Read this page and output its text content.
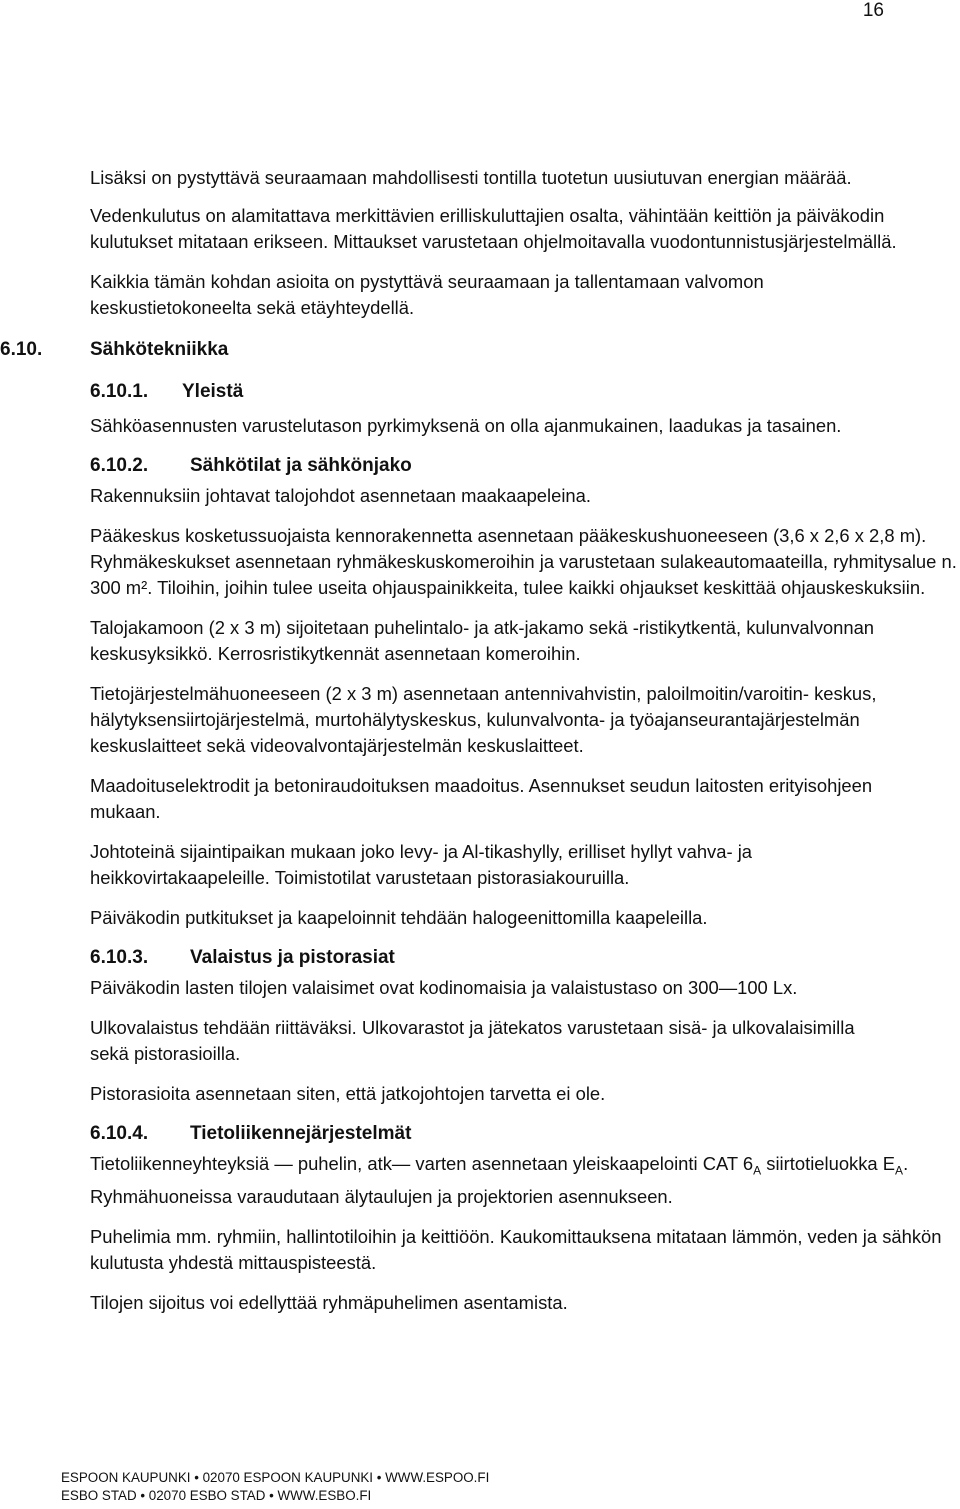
16

Lisäksi on pystyttävä seuraamaan mahdollisesti tontilla tuotetun uusiutuvan energian määrää.

Vedenkulutus on alamitattava merkittävien erilliskuluttajien osalta, vähintään keittiön ja päiväkodin kulutukset mitataan erikseen. Mittaukset varustetaan ohjelmoitavalla vuodontunnistusjärjestelmällä.

Kaikkia tämän kohdan asioita on pystyttävä seuraamaan ja tallentamaan valvomon keskustietokoneelta sekä etäyhteydellä.

6.10.	Sähkötekniikka
6.10.1. Yleistä

Sähköasennusten varustelutason pyrkimyksenä on olla ajanmukainen, laadukas ja tasainen.

6.10.2. Sähkötilat ja sähkönjako

Rakennuksiin johtavat talojohdot asennetaan maakaapeleina.

Pääkeskus kosketussuojaista kennorakennetta asennetaan pääkeskushuoneeseen (3,6 x 2,6 x 2,8 m). Ryhmäkeskukset asennetaan ryhmäkeskuskomeroihin ja varustetaan sulakeautomaateilla, ryhmitysalue n. 300 m². Tiloihin, joihin tulee useita ohjauspainikkeita, tulee kaikki ohjaukset keskittää ohjauskeskuksiin.

Talojakamoon (2 x 3 m) sijoitetaan puhelintalo- ja atk-jakamo sekä -ristikytkentä, kulunvalvonnan keskusyksikkö. Kerrosristikytkennät asennetaan komeroihin.

Tietojärjestelmähuoneeseen (2 x 3 m) asennetaan antennivahvistin, paloilmoitin/varoitin- keskus, hälytyksensiirtojärjestelmä, murtohälytyskeskus, kulunvalvonta- ja työajanseurantajärjestelmän keskuslaitteet sekä videovalvontajärjestelmän keskuslaitteet.

Maadoituselektrodit ja betoniraudoituksen maadoitus. Asennukset seudun laitosten erityisohjeen mukaan.

Johtoteinä sijaintipaikan mukaan joko levy- ja Al-tikashylly, erilliset hyllyt vahva- ja heikkovirtakaapeleille. Toimistotilat varustetaan pistorasiakouruilla.

Päiväkodin putkitukset ja kaapeloinnit tehdään halogeenittomilla kaapeleilla.

6.10.3. Valaistus ja pistorasiat

Päiväkodin lasten tilojen valaisimet ovat kodinomaisia ja valaistustaso on 300—100 Lx.

Ulkovalaistus tehdään riittäväksi. Ulkovarastot ja jätekatos varustetaan sisä- ja ulkovalaisimilla sekä pistorasioilla.

Pistorasioita asennetaan siten, että jatkojohtojen tarvetta ei ole.

6.10.4. Tietoliikennejärjestelmät

Tietoliikenneyhteyksiä — puhelin, atk— varten asennetaan yleiskaapelointi CAT $6_A$ siirtotieluokka $E_A$. Ryhmähuoneissa varaudutaan älytaulujen ja projektorien asennukseen.

Puhelimia mm. ryhmiin, hallintotiloihin ja keittiöön. Kaukomittauksena mitataan lämmön, veden ja sähkön kulutusta yhdestä mittauspisteestä.

Tilojen sijoitus voi edellyttää ryhmäpuhelimen asentamista.

ESPOON KAUPUNKI • 02070 ESPOON KAUPUNKI • WWW.ESPOO.FI

ESBO STAD • 02070 ESBO STAD • WWW.ESBO.FI
